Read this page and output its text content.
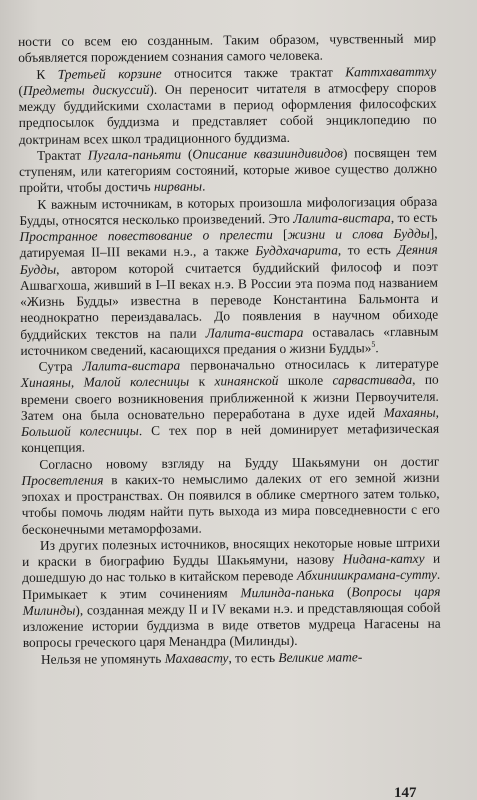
ности со всем ею созданным. Таким образом, чувственный мир объявляется порождением сознания самого человека.

К Третьей корзине относится также трактат Каттхаваттху (Предметы дискуссий). Он переносит читателя в атмосферу споров между буддийскими схоластами в период оформления философских предпосылок буддизма и представляет собой энциклопедию по доктринам всех школ традиционного буддизма.

Трактат Пугала-паньяти (Описание квазииндивидов) посвящен тем ступеням, или категориям состояний, которые живое существо должно пройти, чтобы достичь нирваны.

К важным источникам, в которых произошла мифологизация образа Будды, относятся несколько произведений. Это Лалита-вистара, то есть Пространное повествование о прелести [жизни и слова Будды], датируемая II–III веками н.э., а также Буддхачарита, то есть Деяния Будды, автором которой считается буддийский философ и поэт Ашвагхоша, живший в I–II веках н.э. В России эта поэма под названием «Жизнь Будды» известна в переводе Константина Бальмонта и неоднократно переиздавалась. До появления в научном обиходе буддийских текстов на пали Лалита-вистара оставалась «главным источником сведений, касающихся предания о жизни Будды»$^5$.

Сутра Лалита-вистара первоначально относилась к литературе Хинаяны, Малой колесницы к хинаянской школе сарвастивада, по времени своего возникновения приближенной к жизни Первоучителя. Затем она была основательно переработана в духе идей Махаяны, Большой колесницы. С тех пор в ней доминирует метафизическая концепция.

Согласно новому взгляду на Будду Шакьямуни он достиг Просветления в каких-то немыслимо далеких от его земной жизни эпохах и пространствах. Он появился в облике смертного затем только, чтобы помочь людям найти путь выхода из мира повседневности с его бесконечными метаморфозами.

Из других полезных источников, вносящих некоторые новые штрихи и краски в биографию Будды Шакьямуни, назову Нидана-катху и дошедшую до нас только в китайском переводе Абхинишкрамана-сутту. Примыкает к этим сочинениям Милинда-панька (Вопросы царя Милинды), созданная между II и IV веками н.э. и представляющая собой изложение истории буддизма в виде ответов мудреца Нагасены на вопросы греческого царя Менандра (Милинды).

Нельзя не упомянуть Махавасту, то есть Великие мате-

147
